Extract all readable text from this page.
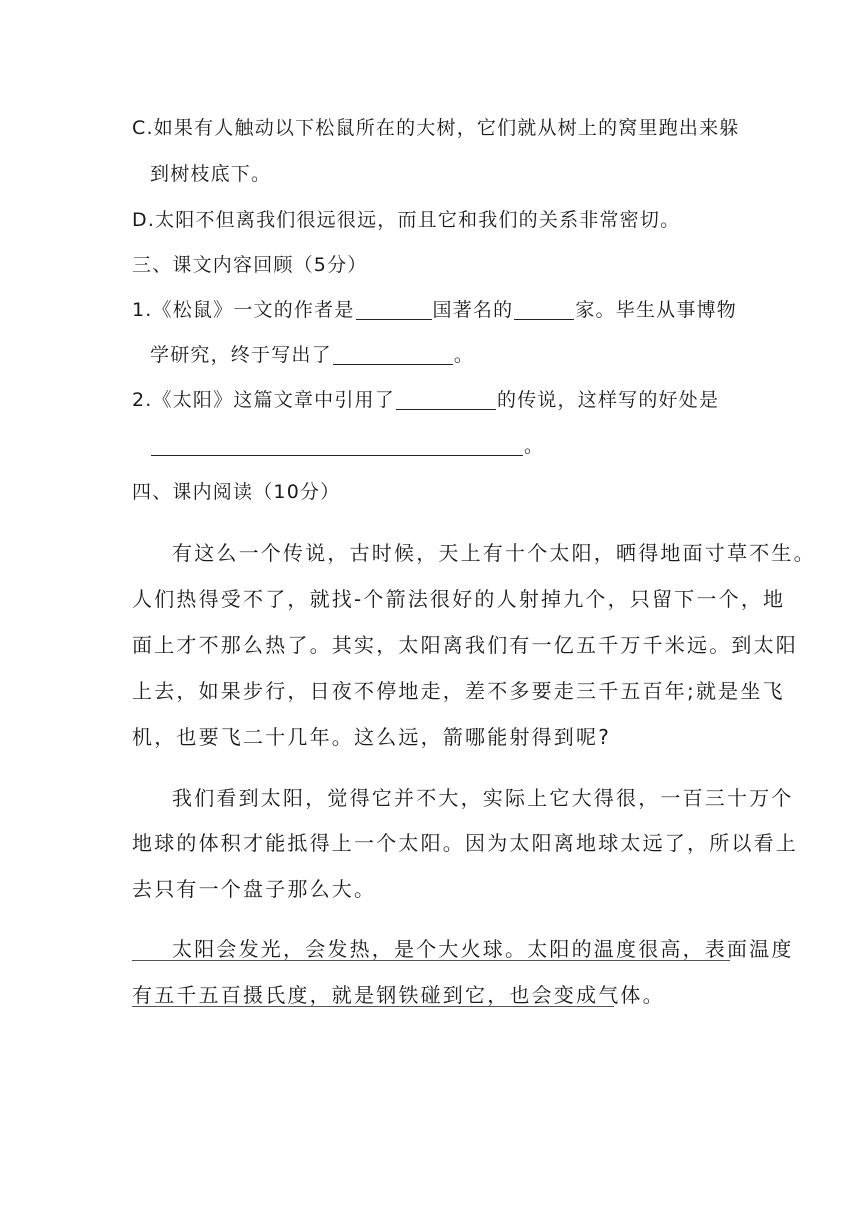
C.如果有人触动以下松鼠所在的大树，它们就从树上的窝里跑出来躲
到树枝底下。
D.太阳不但离我们很远很远，而且它和我们的关系非常密切。
三、课文内容回顾（5分）
1.《松鼠》一文的作者是	国著名的	家。毕生从事博物
学研究，终于写出了	。
2.《太阳》这篇文章中引用了	的传说，这样写的好处是
。
四、课内阅读（10分）
有这么一个传说，古时候，天上有十个太阳，晒得地面寸草不生。
人们热得受不了，就找-个箭法很好的人射掉九个，只留下一个，地
面上才不那么热了。其实，太阳离我们有一亿五千万千米远。到太阳
上去，如果步行，日夜不停地走，差不多要走三千五百年;就是坐飞
机，也要飞二十几年。这么远，箭哪能射得到呢?
我们看到太阳，觉得它并不大，实际上它大得很，一百三十万个
地球的体积才能抵得上一个太阳。因为太阳离地球太远了，所以看上
去只有一个盘子那么大。
太阳会发光，会发热，是个大火球。太阳的温度很高，表面温度
有五千五百摄氏度，就是钢铁碰到它，也会变成气体。
